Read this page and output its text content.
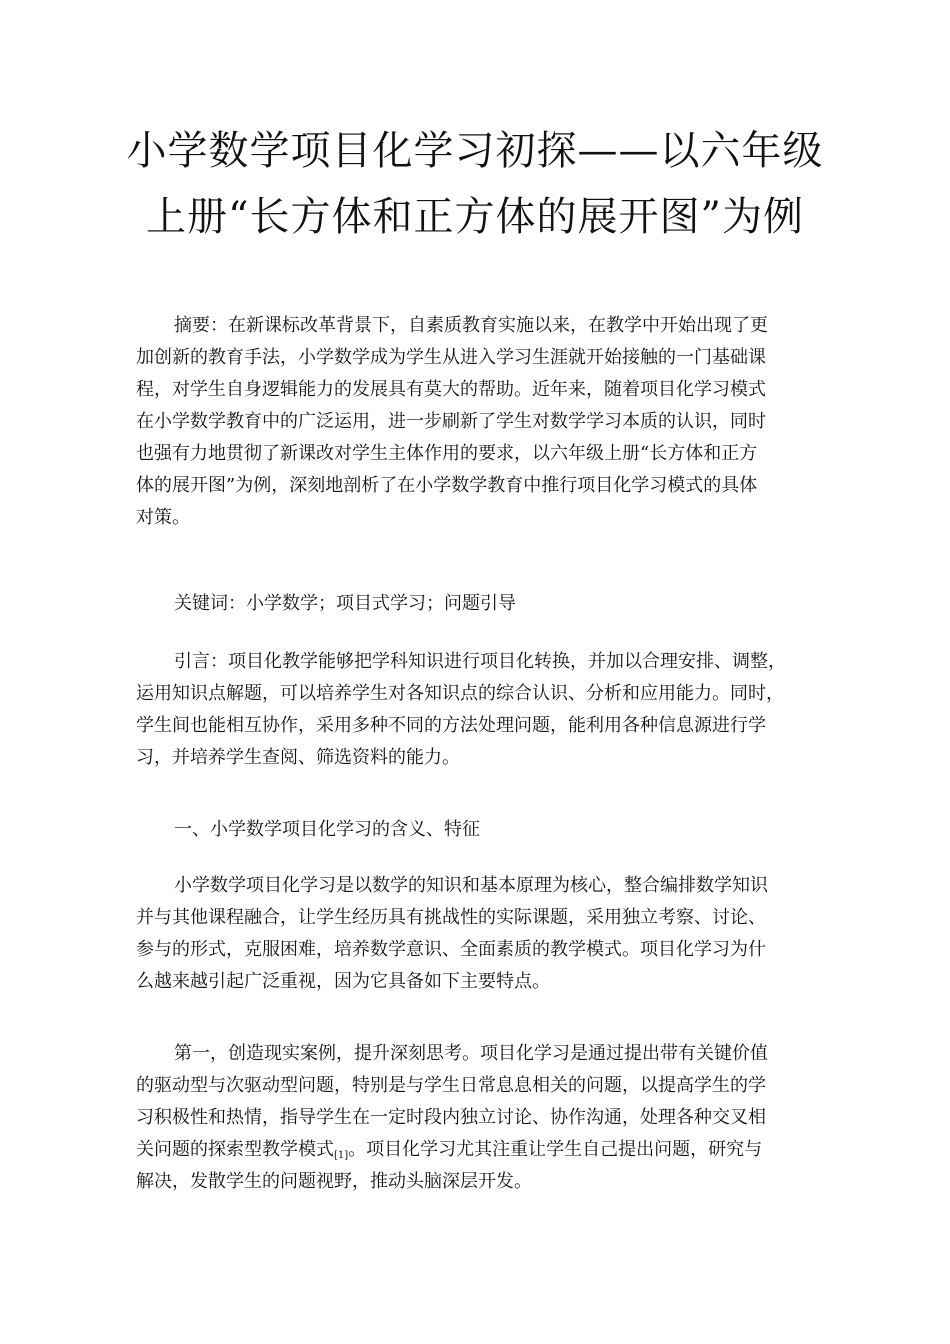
小学数学项目化学习初探——以六年级
上册“长方体和正方体的展开图”为例

摘要：在新课标改革背景下，自素质教育实施以来，在教学中开始出现了更
加创新的教育手法，小学数学成为学生从进入学习生涯就开始接触的一门基础课
程，对学生自身逻辑能力的发展具有莫大的帮助。近年来，随着项目化学习模式
在小学数学教育中的广泛运用，进一步刷新了学生对数学学习本质的认识，同时
也强有力地贯彻了新课改对学生主体作用的要求，以六年级上册“长方体和正方
体的展开图”为例，深刻地剖析了在小学数学教育中推行项目化学习模式的具体
对策。

关键词：小学数学；项目式学习；问题引导

引言：项目化教学能够把学科知识进行项目化转换，并加以合理安排、调整，
运用知识点解题，可以培养学生对各知识点的综合认识、分析和应用能力。同时，
学生间也能相互协作，采用多种不同的方法处理问题，能利用各种信息源进行学
习，并培养学生查阅、筛选资料的能力。

一、小学数学项目化学习的含义、特征

小学数学项目化学习是以数学的知识和基本原理为核心，整合编排数学知识
并与其他课程融合，让学生经历具有挑战性的实际课题，采用独立考察、讨论、
参与的形式，克服困难，培养数学意识、全面素质的教学模式。项目化学习为什
么越来越引起广泛重视，因为它具备如下主要特点。

第一，创造现实案例，提升深刻思考。项目化学习是通过提出带有关键价值
的驱动型与次驱动型问题，特别是与学生日常息息相关的问题，以提高学生的学
习积极性和热情，指导学生在一定时段内独立讨论、协作沟通，处理各种交叉相
关问题的探索型教学模式$_{[1]}$。项目化学习尤其注重让学生自己提出问题，研究与
解决，发散学生的问题视野，推动头脑深层开发。
